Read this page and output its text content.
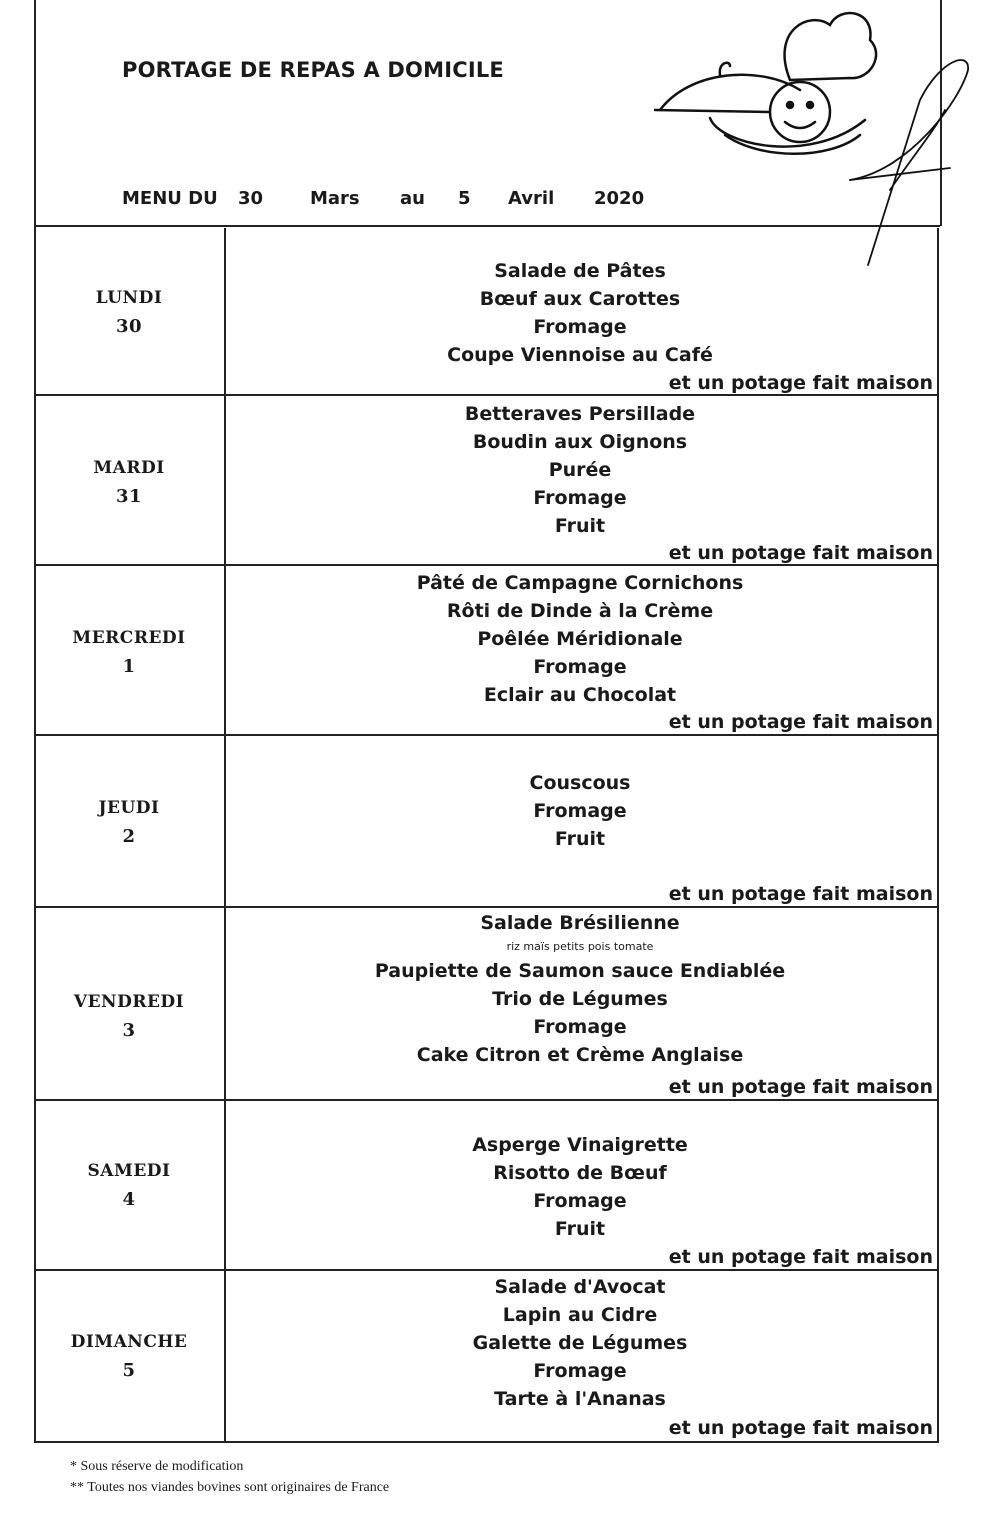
PORTAGE DE REPAS A DOMICILE
MENU DU 30	Mars au 5 Avril 2020
LUNDI
30
Salade de Pâtes
Bœuf aux Carottes
Fromage
Coupe Viennoise au Café
et un potage fait maison
MARDI
31
Betteraves Persillade
Boudin aux Oignons
Purée
Fromage
Fruit
et un potage fait maison
MERCREDI
1
Pâté de Campagne Cornichons
Rôti de Dinde à la Crème
Poêlée Méridionale
Fromage
Eclair au Chocolat
et un potage fait maison
JEUDI
2
Couscous
Fromage
Fruit
et un potage fait maison
VENDREDI
3
Salade Brésilienne
riz maïs petits pois tomate
Paupiette de Saumon sauce Endiablée
Trio de Légumes
Fromage
Cake Citron et Crème Anglaise
et un potage fait maison
SAMEDI
4
Asperge Vinaigrette
Risotto de Bœuf
Fromage
Fruit
et un potage fait maison
DIMANCHE
5
Salade d'Avocat
Lapin au Cidre
Galette de Légumes
Fromage
Tarte à l'Ananas
et un potage fait maison
* Sous réserve de modification
** Toutes nos viandes bovines sont originaires de France
